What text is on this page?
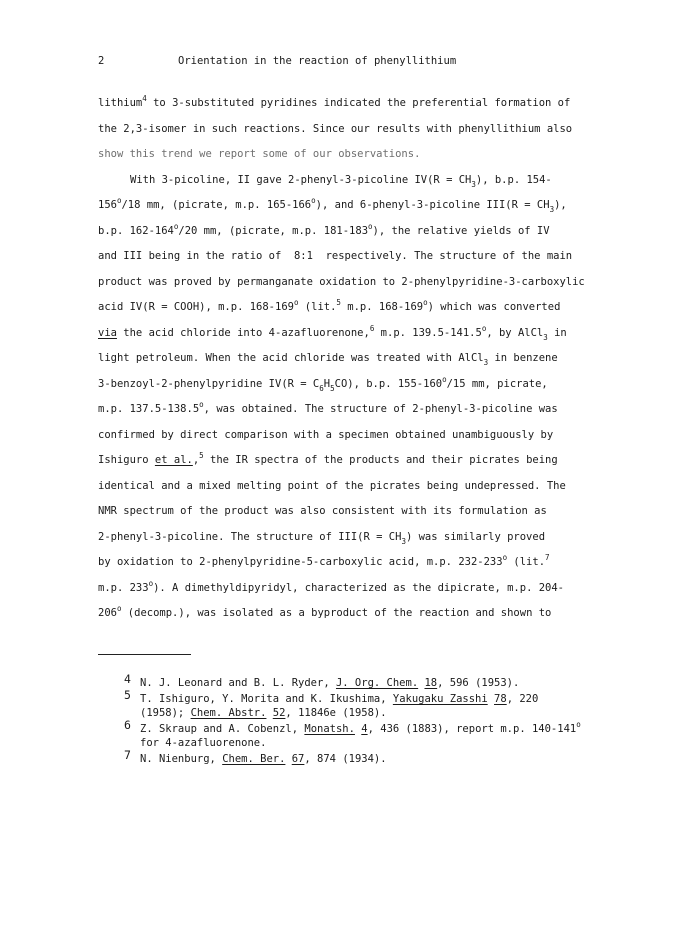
2	Orientation in the reaction of phenyllithium
lithium$^4$ to 3-substituted pyridines indicated the preferential formation of
the 2,3-isomer in such reactions. Since our results with phenyllithium also
show this trend we report some of our observations.
With 3-picoline, II gave 2-phenyl-3-picoline $IV(R = CH_3)$, b.p. 154-
156$^o$/18 mm, (picrate, m.p. 165-166$^o$), and 6-phenyl-3-picoline $III(R = CH_3)$,
b.p. 162-164$^o$/20 mm, (picrate, m.p. 181-183$^o$), the relative yields of IV
and III being in the ratio of  8:1  respectively. The structure of the main
product was proved by permanganate oxidation to 2-phenylpyridine-3-carboxylic
acid IV(R = COOH), m.p. 168-169$^o$ (lit.$^5$ m.p. 168-169$^o$) which was converted
via the acid chloride into 4-azafluorenone,$^6$ m.p. 139.5-141.5$^o$, by AlCl$_3$ in
light petroleum. When the acid chloride was treated with AlCl$_3$ in benzene
3-benzoyl-2-phenylpyridine $IV(R = C_6H_5CO)$, b.p. 155-160$^o$/15 mm, picrate,
m.p. 137.5-138.5$^o$, was obtained. The structure of 2-phenyl-3-picoline was
confirmed by direct comparison with a specimen obtained unambiguously by
Ishiguro et al.,$^5$ the IR spectra of the products and their picrates being
identical and a mixed melting point of the picrates being undepressed. The
NMR spectrum of the product was also consistent with its formulation as
2-phenyl-3-picoline. The structure of $III(R = CH_3)$ was similarly proved
by oxidation to 2-phenylpyridine-5-carboxylic acid, m.p. 232-233$^o$ (lit.$^7$
m.p. 233$^o$). A dimethyldipyridyl, characterized as the dipicrate, m.p. 204-
206$^o$ (decomp.), was isolated as a byproduct of the reaction and shown to
4 N. J. Leonard and B. L. Ryder, J. Org. Chem. 18, 596 (1953).
5 T. Ishiguro, Y. Morita and K. Ikushima, Yakugaku Zasshi 78, 220
(1958); Chem. Abstr. 52, 11846e (1958).
6 Z. Skraup and A. Cobenzl, Monatsh. 4, 436 (1883), report m.p. 140-141$^o$
for 4-azafluorenone.
7 N. Nienburg, Chem. Ber. 67, 874 (1934).
